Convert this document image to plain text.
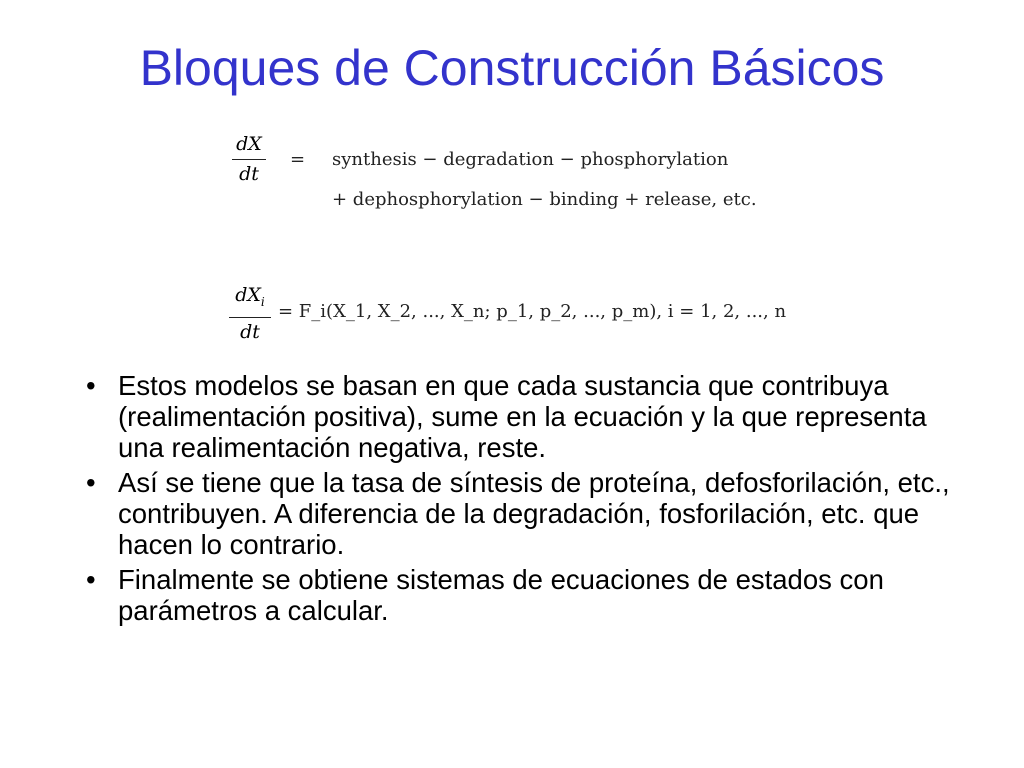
Bloques de Construcción Básicos
dX
dt
= synthesis − degradation − phosphorylation
+ dephosphorylation − binding + release, etc.
$dX_i$
dt
= F_i(X_1, X_2, ..., X_n; p_1, p_2, ..., p_m), i = 1, 2, ..., n
• Estos modelos se basan en que cada sustancia que contribuya (realimentación positiva), sume en la ecuación y la que representa una realimentación negativa, reste.
• Así se tiene que la tasa de síntesis de proteína, defosforilación, etc., contribuyen. A diferencia de la degradación, fosforilación, etc. que hacen lo contrario.
• Finalmente se obtiene sistemas de ecuaciones de estados con parámetros a calcular.
